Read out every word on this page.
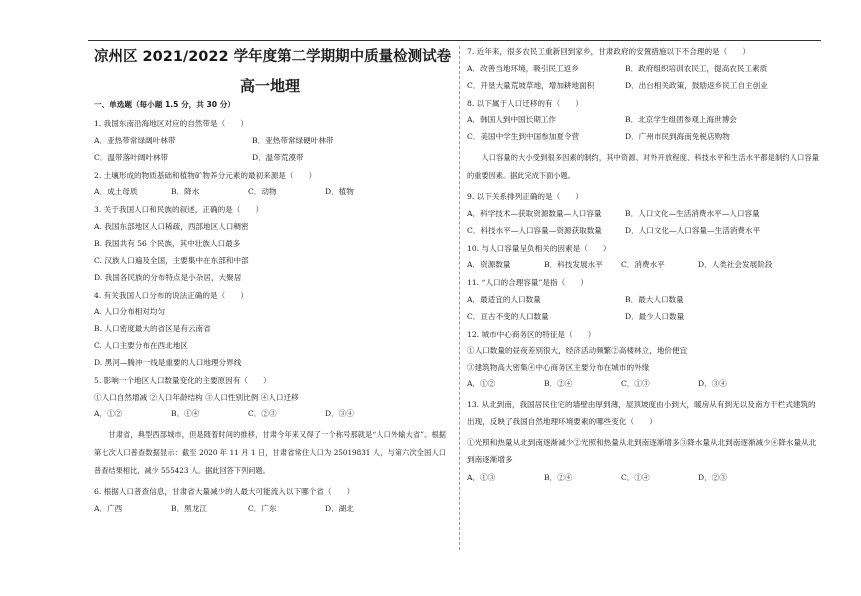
凉州区 2021/2022 学年度第二学期期中质量检测试卷
高一地理
一、单选题（每小题 1.5 分，共 30 分）
1. 我国东南沿海地区对应的自然带是（　　）
A．亚热带常绿阔叶林带	B．亚热带常绿硬叶林带
C．温带落叶阔叶林带	D．温带荒漠带
2. 土壤形成的物质基础和植物矿物养分元素的最初来源是（　　）
A．成土母质	B．降水	C．动物	D．植物
3. 关于我国人口和民族的叙述，正确的是（　　）
A. 我国东部地区人口稀疏，西部地区人口稠密
B. 我国共有 56 个民族，其中壮族人口最多
C. 汉族人口遍及全国，主要集中在东部和中部
D. 我国各民族的分布特点是小杂居，大聚居
4. 有关我国人口分布的说法正确的是（　　）
A. 人口分布相对均匀
B. 人口密度最大的省区是有云南省
C. 人口主要分布在西北地区
D. 黑河—腾冲一线是重要的人口地理分界线
5. 影响一个地区人口数量变化的主要原因有（　　）
①人口自然增减 ②人口年龄结构 ③人口性别比例 ④人口迁移
A．①②	B．①④	C．②③	D．③④
甘肃省，典型西部城市，但是随着时间的推移，甘肃今年来又得了一个称号那就是“人口外输大省”。根据第七次人口普查数据显示：截至 2020 年 11 月 1 日，甘肃省常住人口为 25019831 人，与第六次全国人口普查结果相比，减少 555423 人。据此回答下列问题。
6. 根据人口普查信息，甘肃省大量减少的人最大可能流入以下哪个省（　　）
A．广西	B．黑龙江	C．广东	D．湖北
7. 近年来，很多农民工重新回到家乡，甘肃政府的安置措施以下不合理的是（　　）
A．改善当地环境，吸引民工返乡	B．政府组织培训农民工，提高农民工素质
C．开垦大量荒坡草地，增加耕地面积	D．出台相关政策，鼓励返乡民工自主创业
8. 以下属于人口迁移的有（　　）
A．韩国人到中国长期工作	B．北京学生组团参观上海世博会
C．美国中学生到中国参加夏令营	D．广州市民到海南免税店购物
人口容量的大小受到很多因素的制约，其中资源、对外开放程度、科技水平和生活水平都是制约人口容量的重要因素。据此完成下面小题。
9. 以下关系排列正确的是（　　）
A．科学技术—获取资源数量—人口容量	B．人口文化—生活消费水平—人口容量
C．科技水平—人口容量—资源获取数量	D．人口文化—人口容量—生活消费水平
10. 与人口容量呈负相关的因素是（　　）
A．资源数量	B．科技发展水平	C．消费水平	D．人类社会发展阶段
11. “人口的合理容量”是指（　　）
A．最适宜的人口数量	B．最大人口数量
C．亘古不变的人口数量	D．最少人口数量
12. 城市中心商务区的特征是（　　）
①人口数量的昼夜差别很大，经济活动频繁②高楼林立，地价便宜
③建筑物高大密集④中心商务区主要分布在城市的外缘
A．①②	B．②④	C．①③	D．③④
13. 从北到南，我国居民住宅的墙壁由厚到薄，屋顶坡度由小到大，暖房从有到无以及南方干栏式建筑的出现，反映了我国自然地理环境要素的哪些变化（　　）
①光照和热量从北到南逐渐减少②光照和热量从北到南逐渐增多③降水量从北到南逐渐减少④降水量从北到南逐渐增多
A．①③	B．②④	C．①④	D．②③
